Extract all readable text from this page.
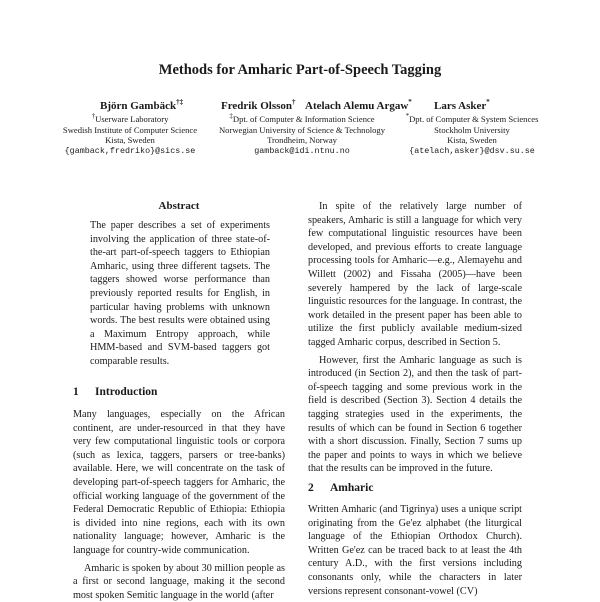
Methods for Amharic Part-of-Speech Tagging
Björn Gambäck†‡	Fredrik Olsson† Atelach Alemu Argaw* Lars Asker*
†Userware Laboratory
Swedish Institute of Computer Science
Kista, Sweden
{gamback,fredriko}@sics.se
‡Dpt. of Computer & Information Science
Norwegian University of Science & Technology
Trondheim, Norway
gamback@idi.ntnu.no
*Dpt. of Computer & System Sciences
Stockholm University
Kista, Sweden
{atelach,asker}@dsv.su.se
Abstract
The paper describes a set of experiments involving the application of three state-of-the-art part-of-speech taggers to Ethiopian Amharic, using three different tagsets. The taggers showed worse performance than previously reported results for English, in particular having problems with unknown words. The best results were obtained using a Maximum Entropy approach, while HMM-based and SVM-based taggers got comparable results.
1 Introduction

Many languages, especially on the African continent, are under-resourced in that they have very few computational linguistic tools or corpora (such as lexica, taggers, parsers or tree-banks) available. Here, we will concentrate on the task of developing part-of-speech taggers for Amharic, the official working language of the government of the Federal Democratic Republic of Ethiopia: Ethiopia is divided into nine regions, each with its own nationality language; however, Amharic is the language for country-wide communication.

Amharic is spoken by about 30 million people as a first or second language, making it the second most spoken Semitic language in the world (after

In spite of the relatively large number of speakers, Amharic is still a language for which very few computational linguistic resources have been developed, and previous efforts to create language processing tools for Amharic—e.g., Alemayehu and Willett (2002) and Fissaha (2005)—have been severely hampered by the lack of large-scale linguistic resources for the language. In contrast, the work detailed in the present paper has been able to utilize the first publicly available medium-sized tagged Amharic corpus, described in Section 5.

However, first the Amharic language as such is introduced (in Section 2), and then the task of part-of-speech tagging and some previous work in the field is described (Section 3). Section 4 details the tagging strategies used in the experiments, the results of which can be found in Section 6 together with a short discussion. Finally, Section 7 sums up the paper and points to ways in which we believe that the results can be improved in the future.

2 Amharic

Written Amharic (and Tigrinya) uses a unique script originating from the Ge'ez alphabet (the liturgical language of the Ethiopian Orthodox Church). Written Ge'ez can be traced back to at least the 4th century A.D., with the first versions including consonants only, while the characters in later versions represent consonant-vowel (CV)
